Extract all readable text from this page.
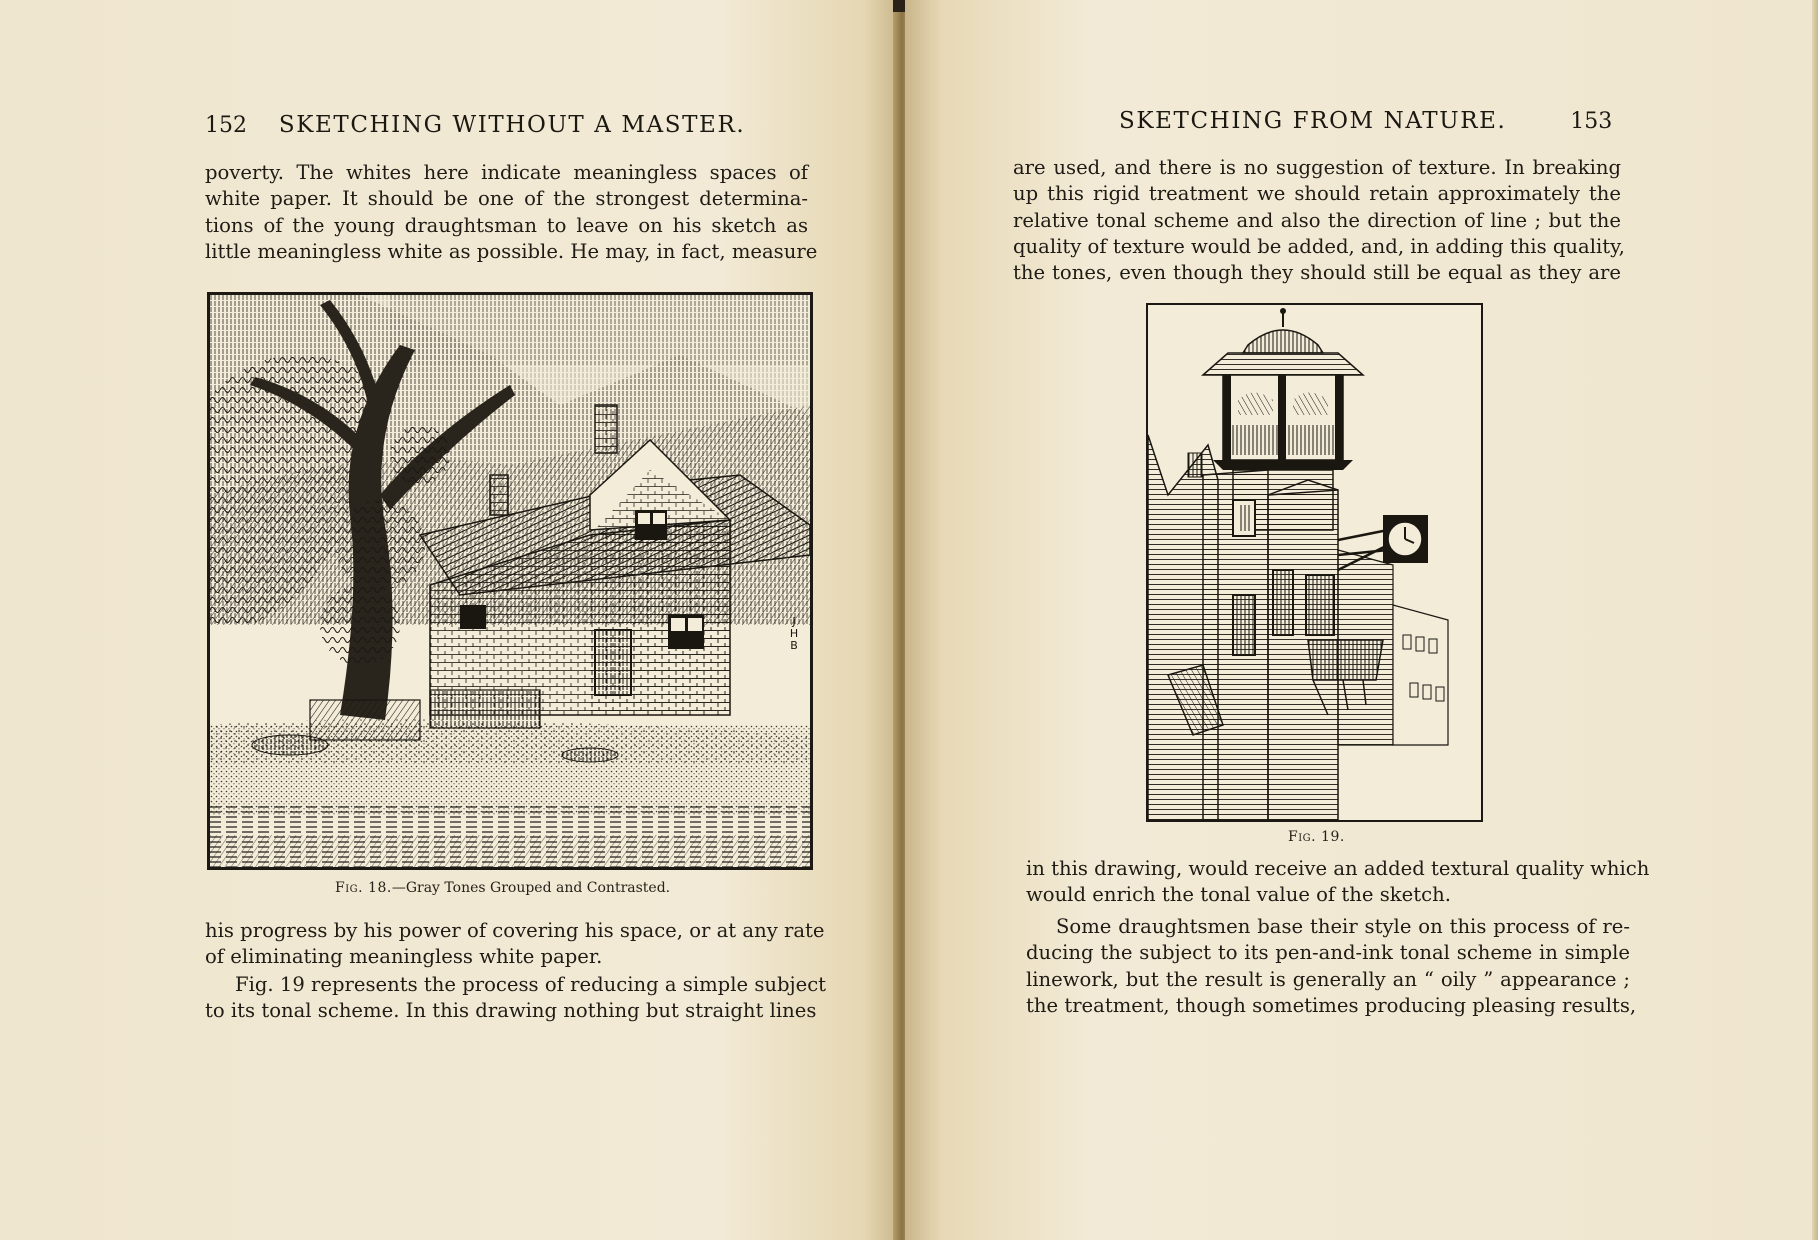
152 SKETCHING WITHOUT A MASTER.
poverty. The whites here indicate meaningless spaces of
white paper. It should be one of the strongest determina-
tions of the young draughtsman to leave on his sketch as
little meaningless white as possible. He may, in fact, measure
J
H
B
Fig. 18.—Gray Tones Grouped and Contrasted.
his progress by his power of covering his space, or at any rate
of eliminating meaningless white paper.
Fig. 19 represents the process of reducing a simple subject
to its tonal scheme. In this drawing nothing but straight lines
SKETCHING FROM NATURE.	153
are used, and there is no suggestion of texture. In breaking
up this rigid treatment we should retain approximately the
relative tonal scheme and also the direction of line ; but the
quality of texture would be added, and, in adding this quality,
the tones, even though they should still be equal as they are
Fig. 19.
in this drawing, would receive an added textural quality which
would enrich the tonal value of the sketch.
Some draughtsmen base their style on this process of re-
ducing the subject to its pen-and-ink tonal scheme in simple
linework, but the result is generally an “ oily ” appearance ;
the treatment, though sometimes producing pleasing results,
